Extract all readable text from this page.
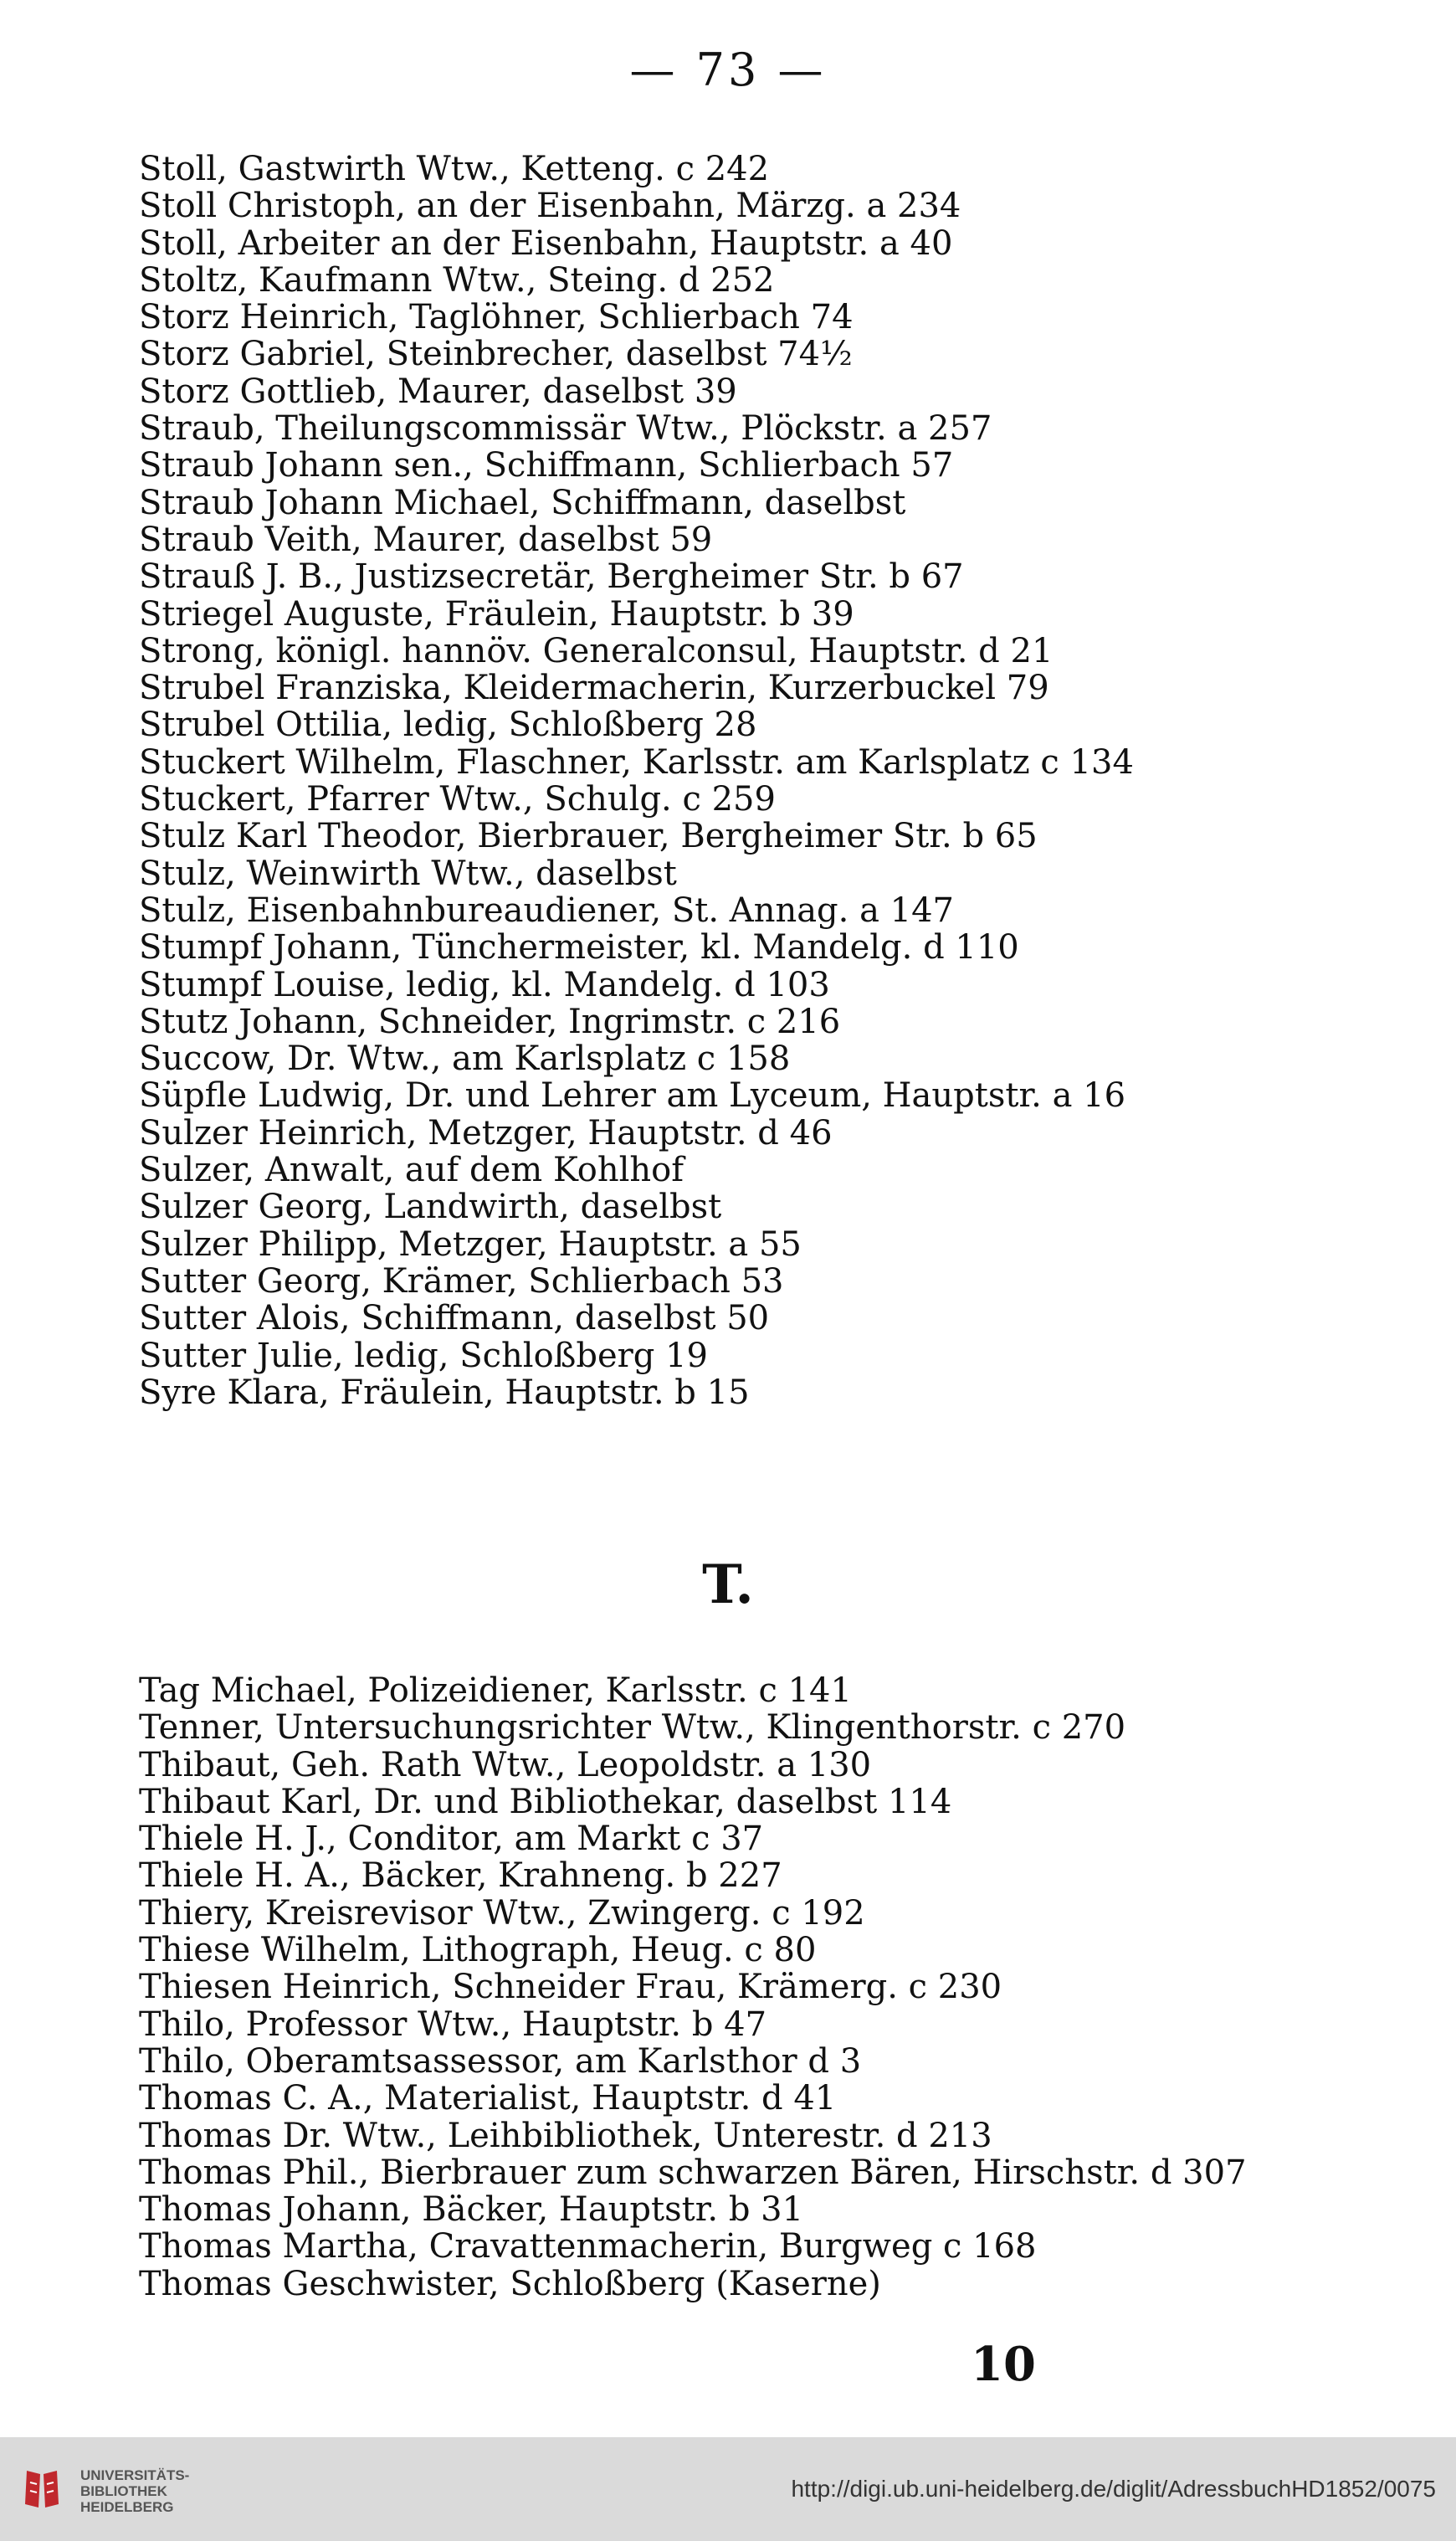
— 73 —
Stoll, Gastwirth Wtw., Ketteng. c 242
Stoll Christoph, an der Eisenbahn, Märzg. a 234
Stoll, Arbeiter an der Eisenbahn, Hauptstr. a 40
Stoltz, Kaufmann Wtw., Steing. d 252
Storz Heinrich, Taglöhner, Schlierbach 74
Storz Gabriel, Steinbrecher, daselbst 74½
Storz Gottlieb, Maurer, daselbst 39
Straub, Theilungscommissär Wtw., Plöckstr. a 257
Straub Johann sen., Schiffmann, Schlierbach 57
Straub Johann Michael, Schiffmann, daselbst
Straub Veith, Maurer, daselbst 59
Strauß J. B., Justizsecretär, Bergheimer Str. b 67
Striegel Auguste, Fräulein, Hauptstr. b 39
Strong, königl. hannöv. Generalconsul, Hauptstr. d 21
Strubel Franziska, Kleidermacherin, Kurzerbuckel 79
Strubel Ottilia, ledig, Schloßberg 28
Stuckert Wilhelm, Flaschner, Karlsstr. am Karlsplatz c 134
Stuckert, Pfarrer Wtw., Schulg. c 259
Stulz Karl Theodor, Bierbrauer, Bergheimer Str. b 65
Stulz, Weinwirth Wtw., daselbst
Stulz, Eisenbahnbureaudiener, St. Annag. a 147
Stumpf Johann, Tünchermeister, kl. Mandelg. d 110
Stumpf Louise, ledig, kl. Mandelg. d 103
Stutz Johann, Schneider, Ingrimstr. c 216
Succow, Dr. Wtw., am Karlsplatz c 158
Süpfle Ludwig, Dr. und Lehrer am Lyceum, Hauptstr. a 16
Sulzer Heinrich, Metzger, Hauptstr. d 46
Sulzer, Anwalt, auf dem Kohlhof
Sulzer Georg, Landwirth, daselbst
Sulzer Philipp, Metzger, Hauptstr. a 55
Sutter Georg, Krämer, Schlierbach 53
Sutter Alois, Schiffmann, daselbst 50
Sutter Julie, ledig, Schloßberg 19
Syre Klara, Fräulein, Hauptstr. b 15
T.
Tag Michael, Polizeidiener, Karlsstr. c 141
Tenner, Untersuchungsrichter Wtw., Klingenthorstr. c 270
Thibaut, Geh. Rath Wtw., Leopoldstr. a 130
Thibaut Karl, Dr. und Bibliothekar, daselbst 114
Thiele H. J., Conditor, am Markt c 37
Thiele H. A., Bäcker, Krahneng. b 227
Thiery, Kreisrevisor Wtw., Zwingerg. c 192
Thiese Wilhelm, Lithograph, Heug. c 80
Thiesen Heinrich, Schneider Frau, Krämerg. c 230
Thilo, Professor Wtw., Hauptstr. b 47
Thilo, Oberamtsassessor, am Karlsthor d 3
Thomas C. A., Materialist, Hauptstr. d 41
Thomas Dr. Wtw., Leihbibliothek, Unterestr. d 213
Thomas Phil., Bierbrauer zum schwarzen Bären, Hirschstr. d 307
Thomas Johann, Bäcker, Hauptstr. b 31
Thomas Martha, Cravattenmacherin, Burgweg c 168
Thomas Geschwister, Schloßberg (Kaserne)
10
UNIVERSITÄTS-
BIBLIOTHEK
HEIDELBERG
http://digi.ub.uni-heidelberg.de/diglit/AdressbuchHD1852/0075
